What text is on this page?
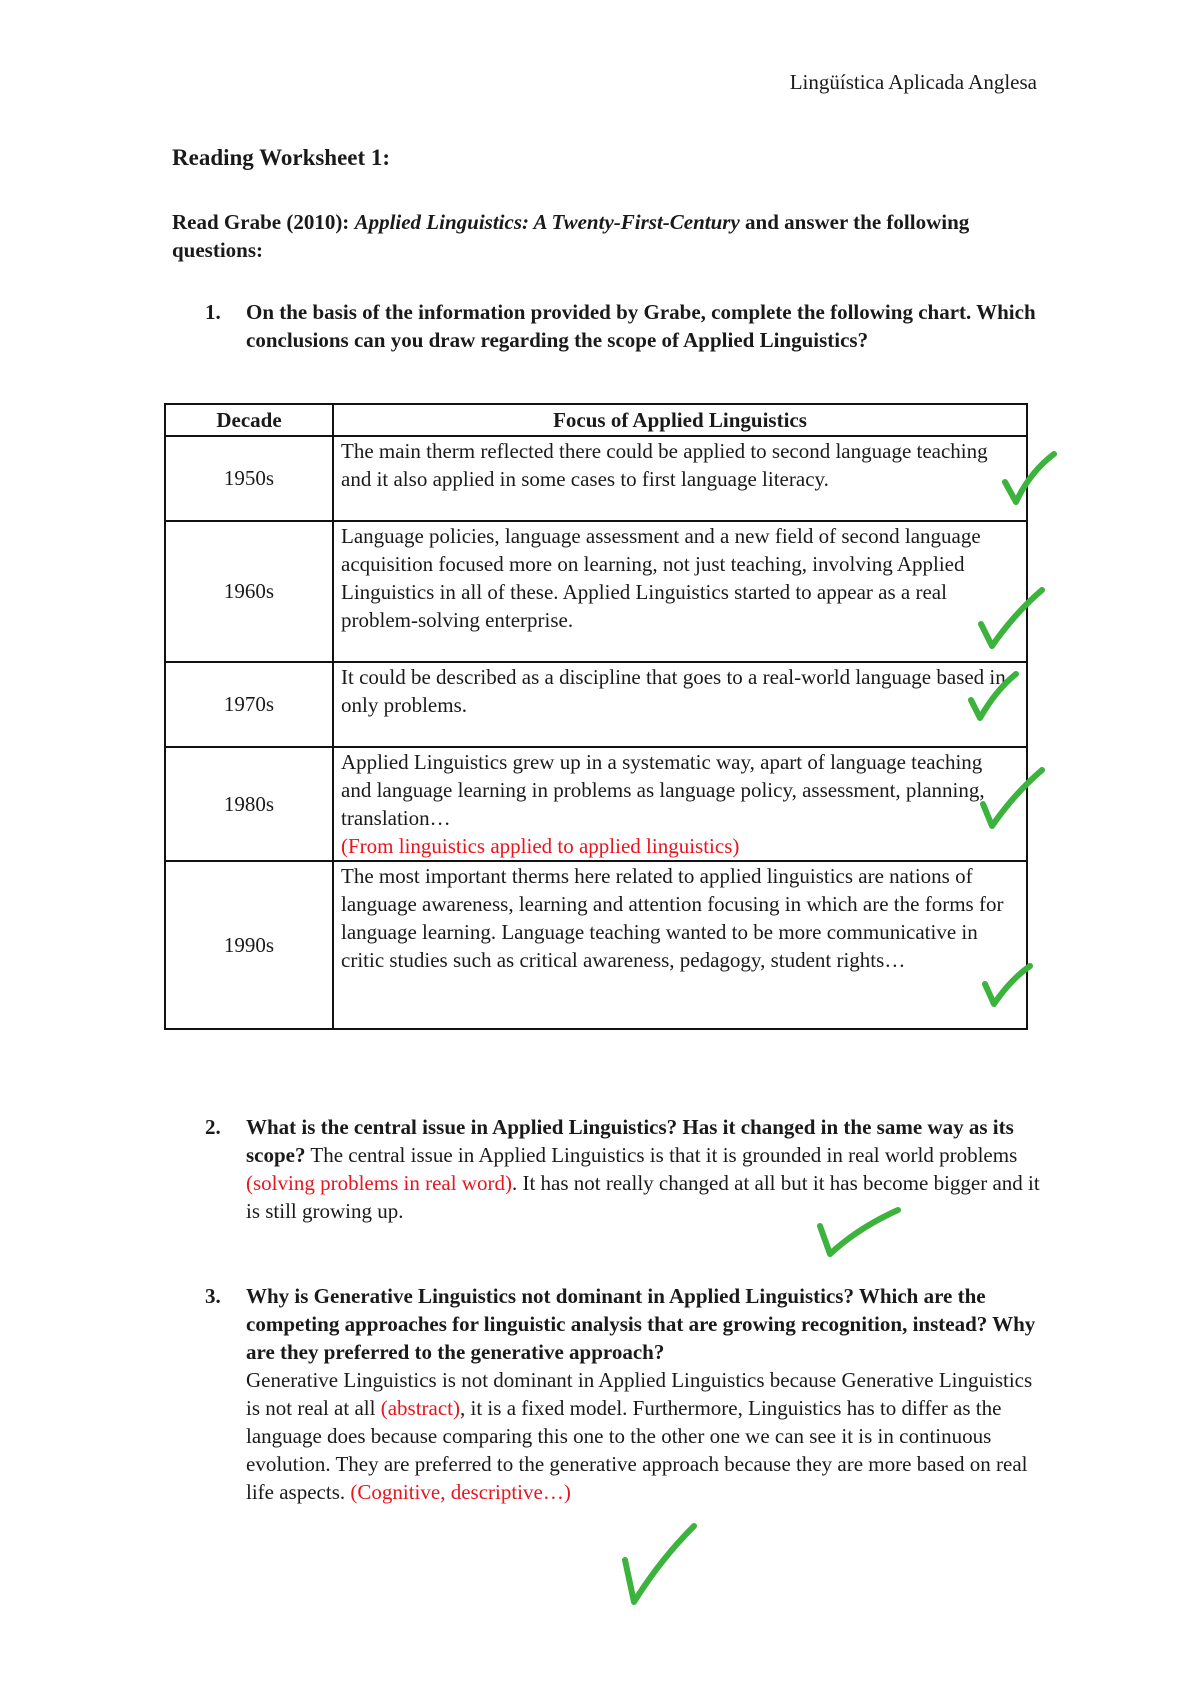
Lingüística Aplicada Anglesa
Reading Worksheet 1:
Read Grabe (2010): Applied Linguistics: A Twenty-First-Century and answer the following questions:
1. On the basis of the information provided by Grabe, complete the following chart. Which conclusions can you draw regarding the scope of Applied Linguistics?
Decade	Focus of Applied Linguistics
1950s	The main therm reflected there could be applied to second language teaching and it also applied in some cases to first language literacy.
1960s	Language policies, language assessment and a new field of second language acquisition focused more on learning, not just teaching, involving Applied Linguistics in all of these. Applied Linguistics started to appear as a real problem-solving enterprise.
1970s	It could be described as a discipline that goes to a real-world language based in only problems.
1980s	Applied Linguistics grew up in a systematic way, apart of language teaching and language learning in problems as language policy, assessment, planning, translation…
(From linguistics applied to applied linguistics)
1990s	The most important therms here related to applied linguistics are nations of language awareness, learning and attention focusing in which are the forms for language learning. Language teaching wanted to be more communicative in critic studies such as critical awareness, pedagogy, student rights…
2. What is the central issue in Applied Linguistics? Has it changed in the same way as its scope? The central issue in Applied Linguistics is that it is grounded in real world problems (solving problems in real word). It has not really changed at all but it has become bigger and it is still growing up.
3. Why is Generative Linguistics not dominant in Applied Linguistics? Which are the competing approaches for linguistic analysis that are growing recognition, instead? Why are they preferred to the generative approach?
Generative Linguistics is not dominant in Applied Linguistics because Generative Linguistics is not real at all (abstract), it is a fixed model. Furthermore, Linguistics has to differ as the language does because comparing this one to the other one we can see it is in continuous evolution. They are preferred to the generative approach because they are more based on real life aspects. (Cognitive, descriptive…)
